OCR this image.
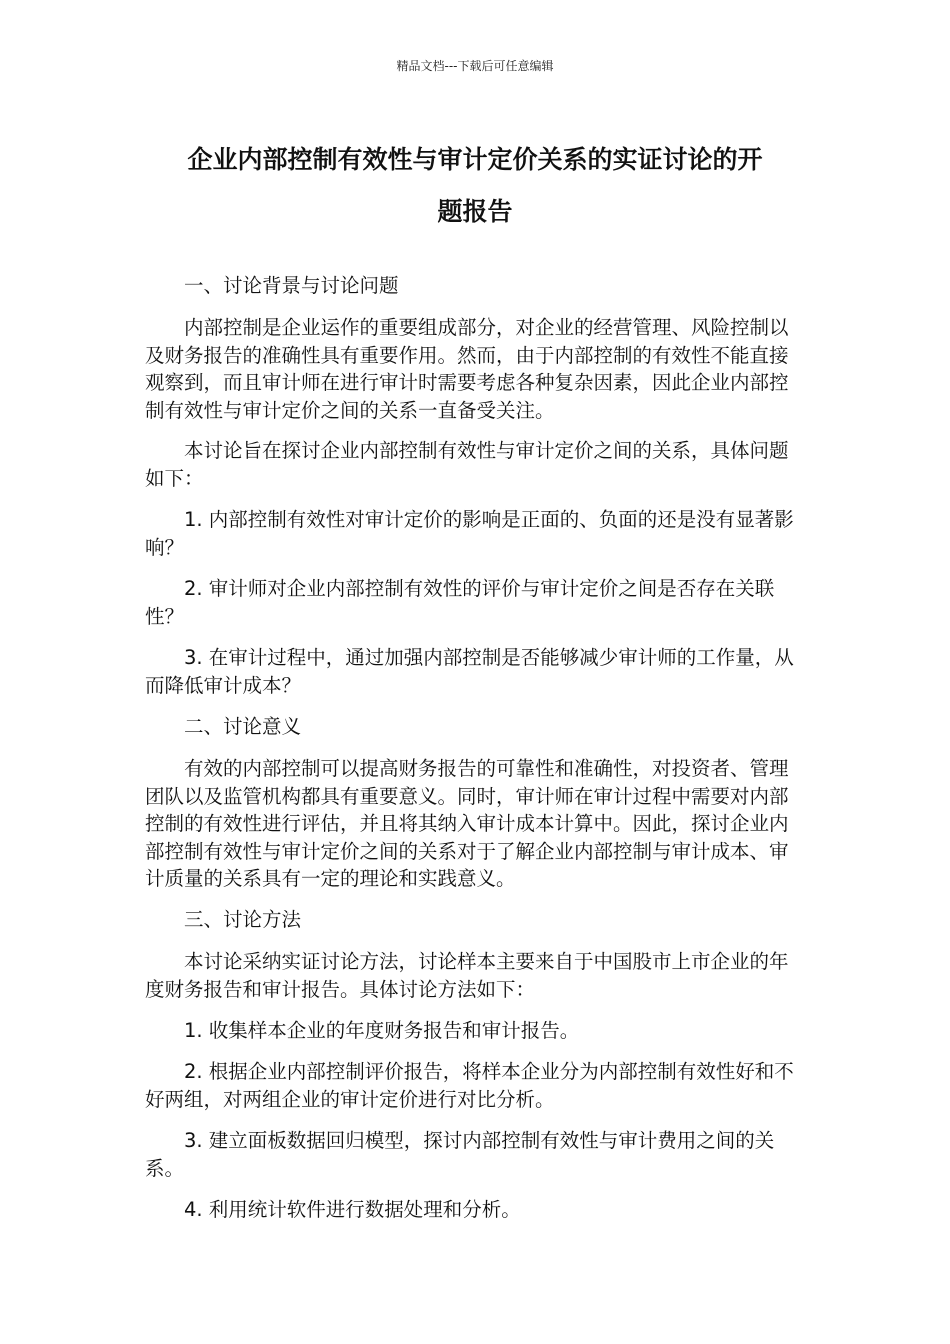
精品文档---下载后可任意编辑
企业内部控制有效性与审计定价关系的实证讨论的开
题报告

一、讨论背景与讨论问题

内部控制是企业运作的重要组成部分，对企业的经营管理、风险控制以及财务报告的准确性具有重要作用。然而，由于内部控制的有效性不能直接观察到，而且审计师在进行审计时需要考虑各种复杂因素，因此企业内部控制有效性与审计定价之间的关系一直备受关注。

本讨论旨在探讨企业内部控制有效性与审计定价之间的关系，具体问题如下：

1. 内部控制有效性对审计定价的影响是正面的、负面的还是没有显著影响？

2. 审计师对企业内部控制有效性的评价与审计定价之间是否存在关联性？

3. 在审计过程中，通过加强内部控制是否能够减少审计师的工作量，从而降低审计成本？

二、讨论意义

有效的内部控制可以提高财务报告的可靠性和准确性，对投资者、管理团队以及监管机构都具有重要意义。同时，审计师在审计过程中需要对内部控制的有效性进行评估，并且将其纳入审计成本计算中。因此，探讨企业内部控制有效性与审计定价之间的关系对于了解企业内部控制与审计成本、审计质量的关系具有一定的理论和实践意义。

三、讨论方法

本讨论采纳实证讨论方法，讨论样本主要来自于中国股市上市企业的年度财务报告和审计报告。具体讨论方法如下：

1. 收集样本企业的年度财务报告和审计报告。

2. 根据企业内部控制评价报告，将样本企业分为内部控制有效性好和不好两组，对两组企业的审计定价进行对比分析。

3. 建立面板数据回归模型，探讨内部控制有效性与审计费用之间的关系。

4. 利用统计软件进行数据处理和分析。
